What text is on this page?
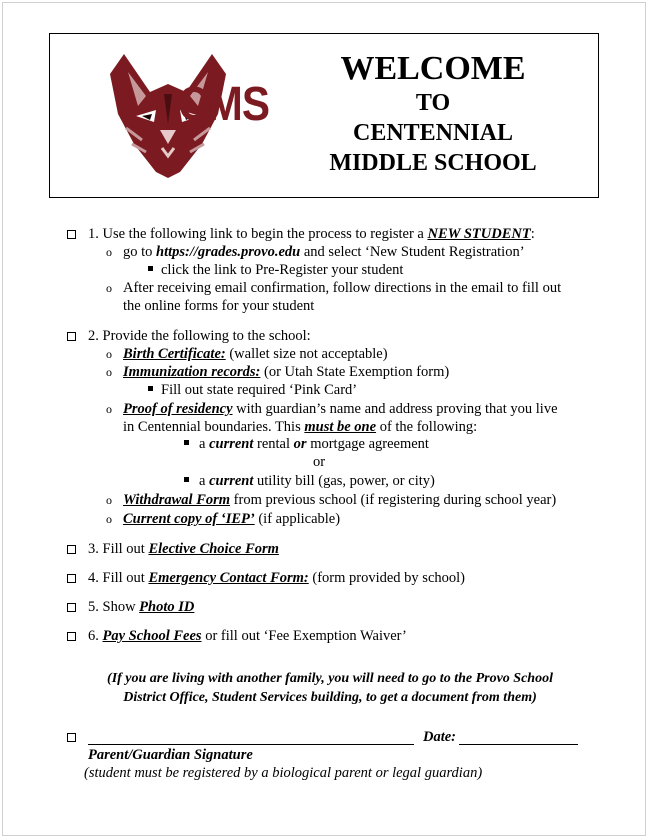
CMS
WELCOME
TO
CENTENNIAL
MIDDLE SCHOOL
1. Use the following link to begin the process to register a NEW STUDENT:
o go to https://grades.provo.edu and select ‘New Student Registration’
click the link to Pre-Register your student
o After receiving email confirmation, follow directions in the email to fill out
the online forms for your student
2. Provide the following to the school:
o Birth Certificate: (wallet size not acceptable)
o Immunization records: (or Utah State Exemption form)
Fill out state required ‘Pink Card’
o Proof of residency with guardian’s name and address proving that you live
in Centennial boundaries. This must be one of the following:
a current rental or mortgage agreement
or
a current utility bill (gas, power, or city)
o Withdrawal Form from previous school (if registering during school year)
o Current copy of ‘IEP’ (if applicable)
3. Fill out Elective Choice Form
4. Fill out Emergency Contact Form: (form provided by school)
5. Show Photo ID
6. Pay School Fees or fill out ‘Fee Exemption Waiver’
(If you are living with another family, you will need to go to the Provo School
District Office, Student Services building, to get a document from them)
Date:
Parent/Guardian Signature
(student must be registered by a biological parent or legal guardian)
